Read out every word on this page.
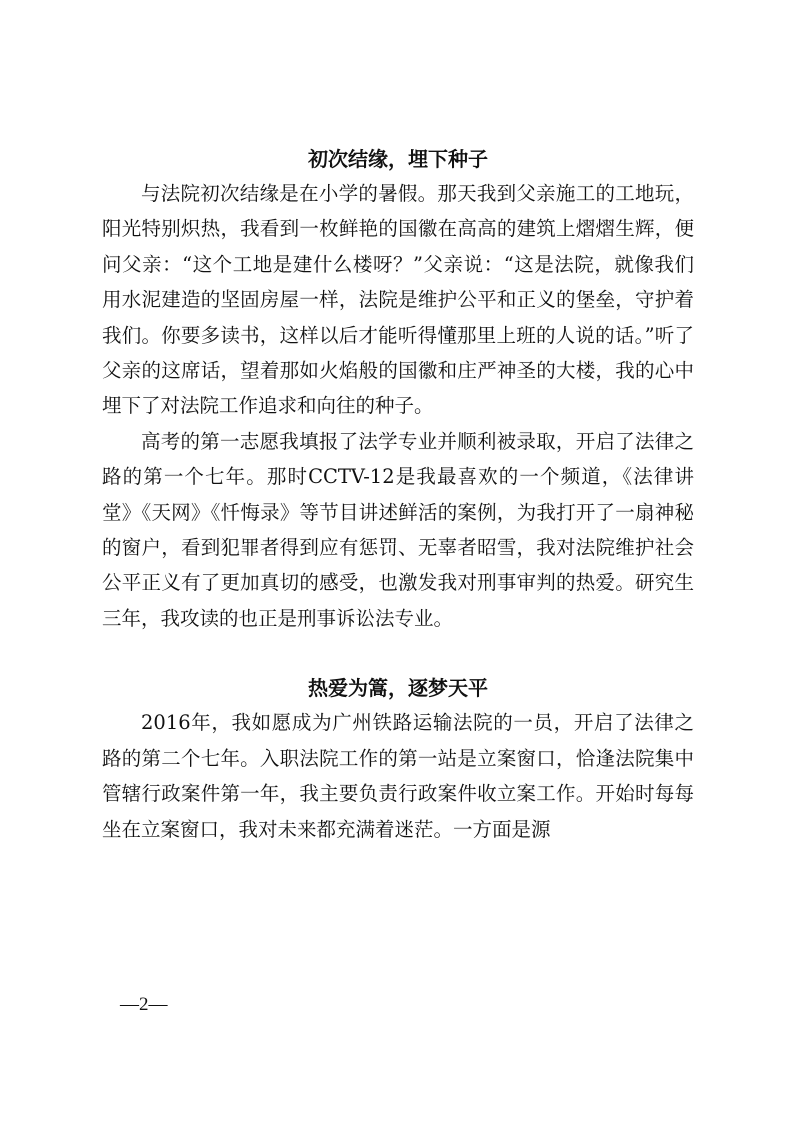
初次结缘，埋下种子

与法院初次结缘是在小学的暑假。那天我到父亲施工的工地玩，阳光特别炽热，我看到一枚鲜艳的国徽在高高的建筑上熠熠生辉，便问父亲：“这个工地是建什么楼呀？”父亲说：“这是法院，就像我们用水泥建造的坚固房屋一样，法院是维护公平和正义的堡垒，守护着我们。你要多读书，这样以后才能听得懂那里上班的人说的话。”听了父亲的这席话，望着那如火焰般的国徽和庄严神圣的大楼，我的心中埋下了对法院工作追求和向往的种子。

高考的第一志愿我填报了法学专业并顺利被录取，开启了法律之路的第一个七年。那时CCTV-12是我最喜欢的一个频道，《法律讲堂》《天网》《忏悔录》等节目讲述鲜活的案例，为我打开了一扇神秘的窗户，看到犯罪者得到应有惩罚、无辜者昭雪，我对法院维护社会公平正义有了更加真切的感受，也激发我对刑事审判的热爱。研究生三年，我攻读的也正是刑事诉讼法专业。

热爱为篙，逐梦天平

2016年，我如愿成为广州铁路运输法院的一员，开启了法律之路的第二个七年。入职法院工作的第一站是立案窗口，恰逢法院集中管辖行政案件第一年，我主要负责行政案件收立案工作。开始时每每坐在立案窗口，我对未来都充满着迷茫。一方面是源

—2—
